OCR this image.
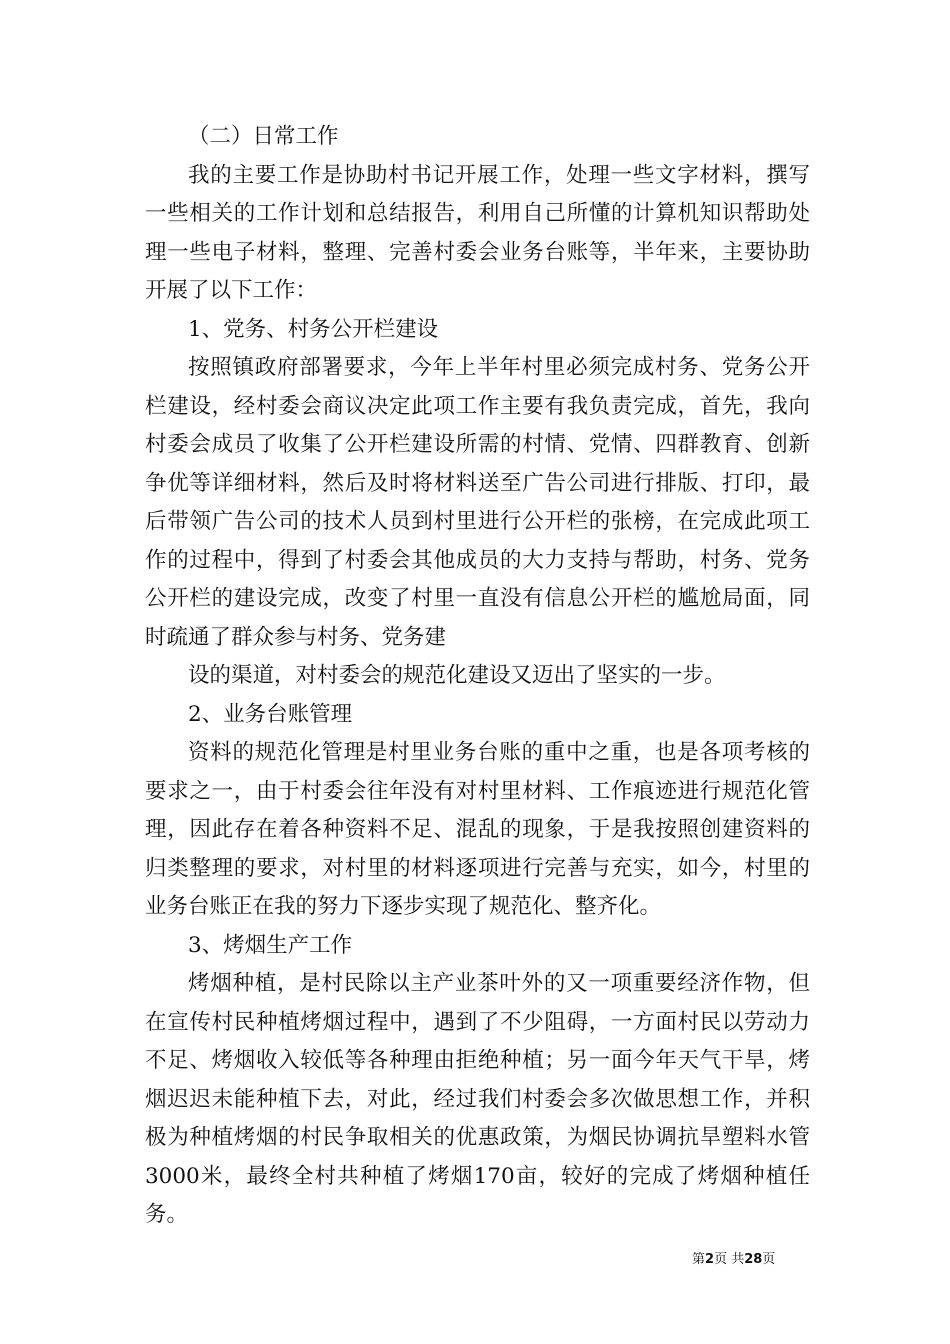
（二）日常工作

我的主要工作是协助村书记开展工作，处理一些文字材料，撰写一些相关的工作计划和总结报告，利用自己所懂的计算机知识帮助处理一些电子材料，整理、完善村委会业务台账等，半年来，主要协助开展了以下工作：

1、党务、村务公开栏建设

按照镇政府部署要求，今年上半年村里必须完成村务、党务公开栏建设，经村委会商议决定此项工作主要有我负责完成，首先，我向村委会成员了收集了公开栏建设所需的村情、党情、四群教育、创新争优等详细材料，然后及时将材料送至广告公司进行排版、打印，最后带领广告公司的技术人员到村里进行公开栏的张榜，在完成此项工作的过程中，得到了村委会其他成员的大力支持与帮助，村务、党务公开栏的建设完成，改变了村里一直没有信息公开栏的尴尬局面，同时疏通了群众参与村务、党务建

设的渠道，对村委会的规范化建设又迈出了坚实的一步。

2、业务台账管理

资料的规范化管理是村里业务台账的重中之重，也是各项考核的要求之一，由于村委会往年没有对村里材料、工作痕迹进行规范化管理，因此存在着各种资料不足、混乱的现象，于是我按照创建资料的归类整理的要求，对村里的材料逐项进行完善与充实，如今，村里的业务台账正在我的努力下逐步实现了规范化、整齐化。

3、烤烟生产工作

烤烟种植，是村民除以主产业茶叶外的又一项重要经济作物，但在宣传村民种植烤烟过程中，遇到了不少阻碍，一方面村民以劳动力不足、烤烟收入较低等各种理由拒绝种植；另一面今年天气干旱，烤烟迟迟未能种植下去，对此，经过我们村委会多次做思想工作，并积极为种植烤烟的村民争取相关的优惠政策，为烟民协调抗旱塑料水管3000米，最终全村共种植了烤烟170亩，较好的完成了烤烟种植任务。

第2页 共28页
